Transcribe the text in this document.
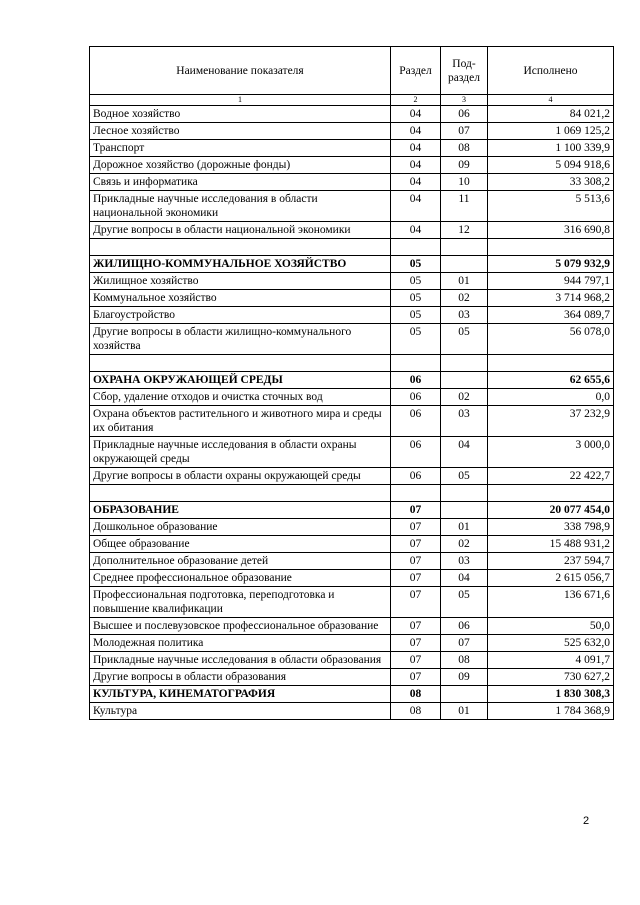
Наименование показателя	Раздел	Под-раздел	Исполнено
1	2	3	4
Водное хозяйство	04	06	84 021,2
Лесное хозяйство	04	07	1 069 125,2
Транспорт	04	08	1 100 339,9
Дорожное хозяйство (дорожные фонды)	04	09	5 094 918,6
Связь и информатика	04	10	33 308,2
Прикладные научные исследования в области национальной экономики	04	11	5 513,6
Другие вопросы в области национальной экономики	04	12	316 690,8

ЖИЛИЩНО-КОММУНАЛЬНОЕ ХОЗЯЙСТВО	05		5 079 932,9
Жилищное хозяйство	05	01	944 797,1
Коммунальное хозяйство	05	02	3 714 968,2
Благоустройство	05	03	364 089,7
Другие вопросы в области жилищно-коммунального хозяйства	05	05	56 078,0

ОХРАНА ОКРУЖАЮЩЕЙ СРЕДЫ	06		62 655,6
Сбор, удаление отходов и очистка сточных вод	06	02	0,0
Охрана объектов растительного и животного мира и среды их обитания	06	03	37 232,9
Прикладные научные исследования в области охраны окружающей среды	06	04	3 000,0
Другие вопросы в области охраны окружающей среды	06	05	22 422,7

ОБРАЗОВАНИЕ	07		20 077 454,0
Дошкольное образование	07	01	338 798,9
Общее образование	07	02	15 488 931,2
Дополнительное образование детей	07	03	237 594,7
Среднее профессиональное образование	07	04	2 615 056,7
Профессиональная подготовка, переподготовка и повышение квалификации	07	05	136 671,6
Высшее и послевузовское профессиональное образование	07	06	50,0
Молодежная политика	07	07	525 632,0
Прикладные научные исследования в области образования	07	08	4 091,7
Другие вопросы в области образования	07	09	730 627,2
КУЛЬТУРА, КИНЕМАТОГРАФИЯ	08		1 830 308,3
Культура	08	01	1 784 368,9
2
